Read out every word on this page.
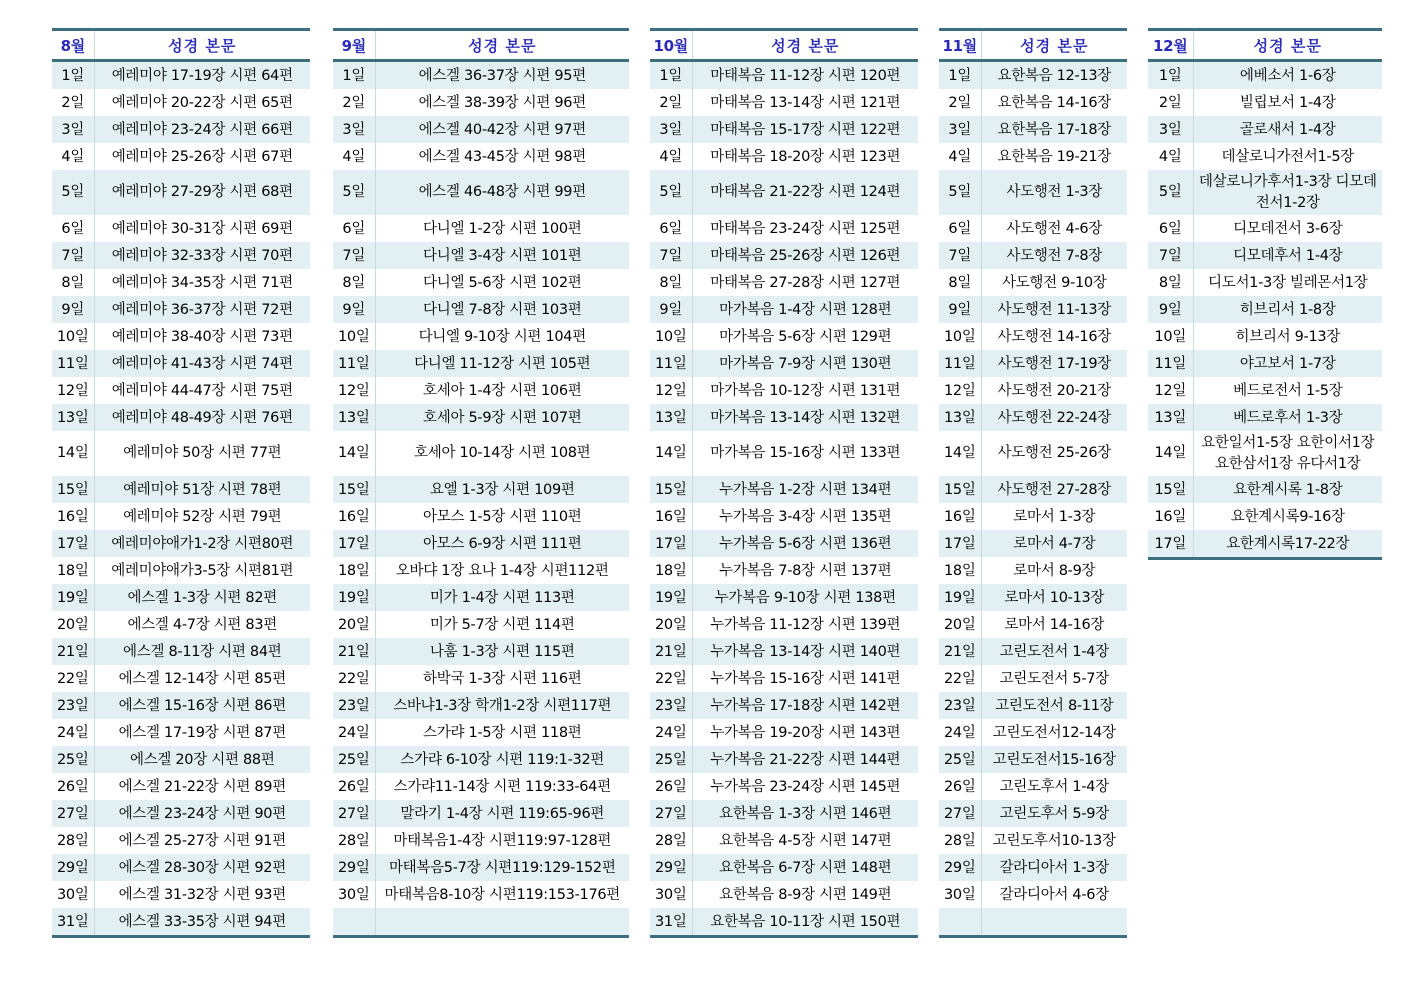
8월	성경 본문
1일	예레미야 17-19장 시편 64편
2일	예레미야 20-22장 시편 65편
3일	예레미야 23-24장 시편 66편
4일	예레미야 25-26장 시편 67편
5일	예레미야 27-29장 시편 68편
6일	예레미야 30-31장 시편 69편
7일	예레미야 32-33장 시편 70편
8일	예레미야 34-35장 시편 71편
9일	예레미야 36-37장 시편 72편
10일	예레미야 38-40장 시편 73편
11일	예레미야 41-43장 시편 74편
12일	예레미야 44-47장 시편 75편
13일	예레미야 48-49장 시편 76편
14일	예레미야 50장 시편 77편
15일	예레미야 51장 시편 78편
16일	예레미야 52장 시편 79편
17일	예레미야애가1-2장 시편80편
18일	예레미야애가3-5장 시편81편
19일	에스겔 1-3장 시편 82편
20일	에스겔 4-7장 시편 83편
21일	에스겔 8-11장 시편 84편
22일	에스겔 12-14장 시편 85편
23일	에스겔 15-16장 시편 86편
24일	에스겔 17-19장 시편 87편
25일	에스겔 20장 시편 88편
26일	에스겔 21-22장 시편 89편
27일	에스겔 23-24장 시편 90편
28일	에스겔 25-27장 시편 91편
29일	에스겔 28-30장 시편 92편
30일	에스겔 31-32장 시편 93편
31일	에스겔 33-35장 시편 94편
9월	성경 본문
1일	에스겔 36-37장 시편 95편
2일	에스겔 38-39장 시편 96편
3일	에스겔 40-42장 시편 97편
4일	에스겔 43-45장 시편 98편
5일	에스겔 46-48장 시편 99편
6일	다니엘 1-2장 시편 100편
7일	다니엘 3-4장 시편 101편
8일	다니엘 5-6장 시편 102편
9일	다니엘 7-8장 시편 103편
10일	다니엘 9-10장 시편 104편
11일	다니엘 11-12장 시편 105편
12일	호세아 1-4장 시편 106편
13일	호세아 5-9장 시편 107편
14일	호세아 10-14장 시편 108편
15일	요엘 1-3장 시편 109편
16일	아모스 1-5장 시편 110편
17일	아모스 6-9장 시편 111편
18일	오바댜 1장 요나 1-4장 시편112편
19일	미가 1-4장 시편 113편
20일	미가 5-7장 시편 114편
21일	나훔 1-3장 시편 115편
22일	하박국 1-3장 시편 116편
23일	스바냐1-3장 학개1-2장 시편117편
24일	스가랴 1-5장 시편 118편
25일	스가랴 6-10장 시편 119:1-32편
26일	스가랴11-14장 시편 119:33-64편
27일	말라기 1-4장 시편 119:65-96편
28일	마태복음1-4장 시편119:97-128편
29일	마태복음5-7장 시편119:129-152편
30일	마태복음8-10장 시편119:153-176편

10월	성경 본문
1일	마태복음 11-12장 시편 120편
2일	마태복음 13-14장 시편 121편
3일	마태복음 15-17장 시편 122편
4일	마태복음 18-20장 시편 123편
5일	마태복음 21-22장 시편 124편
6일	마태복음 23-24장 시편 125편
7일	마태복음 25-26장 시편 126편
8일	마태복음 27-28장 시편 127편
9일	마가복음 1-4장 시편 128편
10일	마가복음 5-6장 시편 129편
11일	마가복음 7-9장 시편 130편
12일	마가복음 10-12장 시편 131편
13일	마가복음 13-14장 시편 132편
14일	마가복음 15-16장 시편 133편
15일	누가복음 1-2장 시편 134편
16일	누가복음 3-4장 시편 135편
17일	누가복음 5-6장 시편 136편
18일	누가복음 7-8장 시편 137편
19일	누가복음 9-10장 시편 138편
20일	누가복음 11-12장 시편 139편
21일	누가복음 13-14장 시편 140편
22일	누가복음 15-16장 시편 141편
23일	누가복음 17-18장 시편 142편
24일	누가복음 19-20장 시편 143편
25일	누가복음 21-22장 시편 144편
26일	누가복음 23-24장 시편 145편
27일	요한복음 1-3장 시편 146편
28일	요한복음 4-5장 시편 147편
29일	요한복음 6-7장 시편 148편
30일	요한복음 8-9장 시편 149편
31일	요한복음 10-11장 시편 150편
11월	성경 본문
1일	요한복음 12-13장
2일	요한복음 14-16장
3일	요한복음 17-18장
4일	요한복음 19-21장
5일	사도행전 1-3장
6일	사도행전 4-6장
7일	사도행전 7-8장
8일	사도행전 9-10장
9일	사도행전 11-13장
10일	사도행전 14-16장
11일	사도행전 17-19장
12일	사도행전 20-21장
13일	사도행전 22-24장
14일	사도행전 25-26장
15일	사도행전 27-28장
16일	로마서 1-3장
17일	로마서 4-7장
18일	로마서 8-9장
19일	로마서 10-13장
20일	로마서 14-16장
21일	고린도전서 1-4장
22일	고린도전서 5-7장
23일	고린도전서 8-11장
24일	고린도전서12-14장
25일	고린도전서15-16장
26일	고린도후서 1-4장
27일	고린도후서 5-9장
28일	고린도후서10-13장
29일	갈라디아서 1-3장
30일	갈라디아서 4-6장

12월	성경 본문
1일	에베소서 1-6장
2일	빌립보서 1-4장
3일	골로새서 1-4장
4일	데살로니가전서1-5장
5일	데살로니가후서1-3장 디모데전서1-2장
6일	디모데전서 3-6장
7일	디모데후서 1-4장
8일	디도서1-3장 빌레몬서1장
9일	히브리서 1-8장
10일	히브리서 9-13장
11일	야고보서 1-7장
12일	베드로전서 1-5장
13일	베드로후서 1-3장
14일	요한일서1-5장 요한이서1장 요한삼서1장 유다서1장
15일	요한계시록 1-8장
16일	요한계시록9-16장
17일	요한계시록17-22장
